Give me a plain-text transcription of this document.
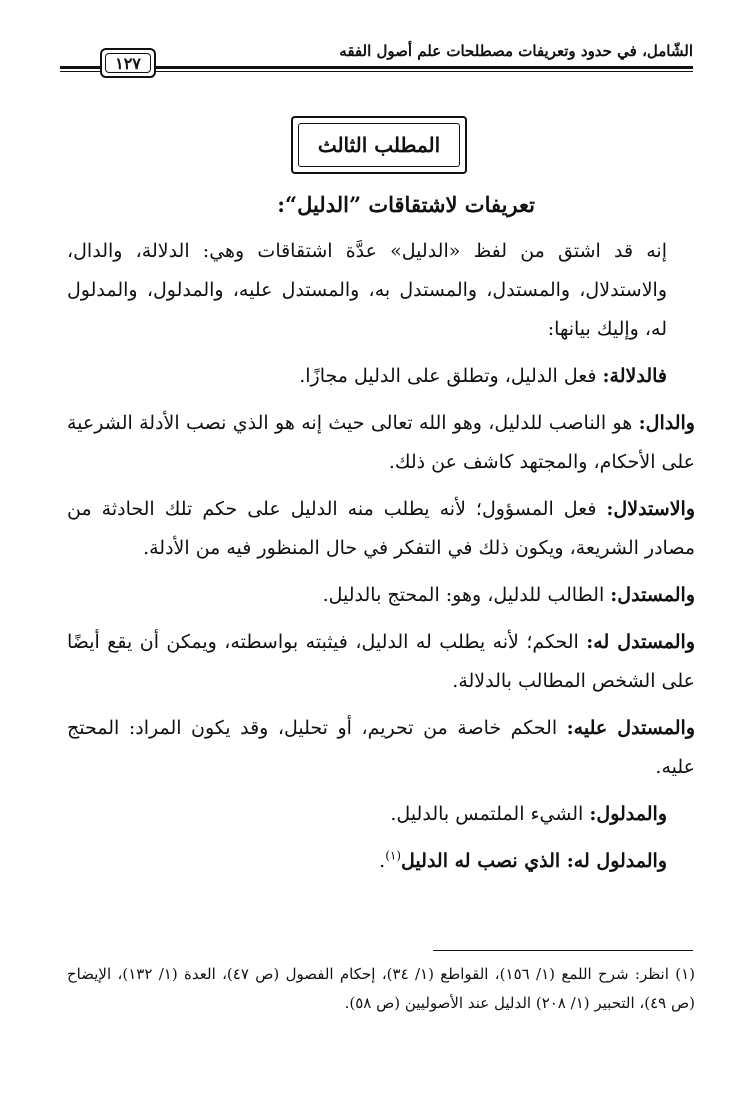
الشّامل، في حدود وتعريفات مصطلحات علم أصول الفقه
١٢٧
المطلب الثالث
تعريفات لاشتقاقات ”الدليل“:

إنه قد اشتق من لفظ «الدليل» عدَّة اشتقاقات وهي: الدلالة، والدال، والاستدلال، والمستدل، والمستدل به، والمستدل عليه، والمدلول، والمدلول له، وإليك بيانها:

فالدلالة: فعل الدليل، وتطلق على الدليل مجازًا.

والدال: هو الناصب للدليل، وهو الله تعالى حيث إنه هو الذي نصب الأدلة الشرعية على الأحكام، والمجتهد كاشف عن ذلك.

والاستدلال: فعل المسؤول؛ لأنه يطلب منه الدليل على حكم تلك الحادثة من مصادر الشريعة، ويكون ذلك في التفكر في حال المنظور فيه من الأدلة.

والمستدل: الطالب للدليل، وهو: المحتج بالدليل.

والمستدل له: الحكم؛ لأنه يطلب له الدليل، فيثبته بواسطته، ويمكن أن يقع أيضًا على الشخص المطالب بالدلالة.

والمستدل عليه: الحكم خاصة من تحريم، أو تحليل، وقد يكون المراد: المحتج عليه.

والمدلول: الشيء الملتمس بالدليل.

والمدلول له: الذي نصب له الدليل$^{(١)}$.

(١) انظر: شرح اللمع (١/ ١٥٦)، القواطع (١/ ٣٤)، إحكام الفصول (ص ٤٧)، العدة (١/ ١٣٢)، الإيضاح (ص ٤٩)، التحبير (١/ ٢٠٨) الدليل عند الأصوليين (ص ٥٨).
